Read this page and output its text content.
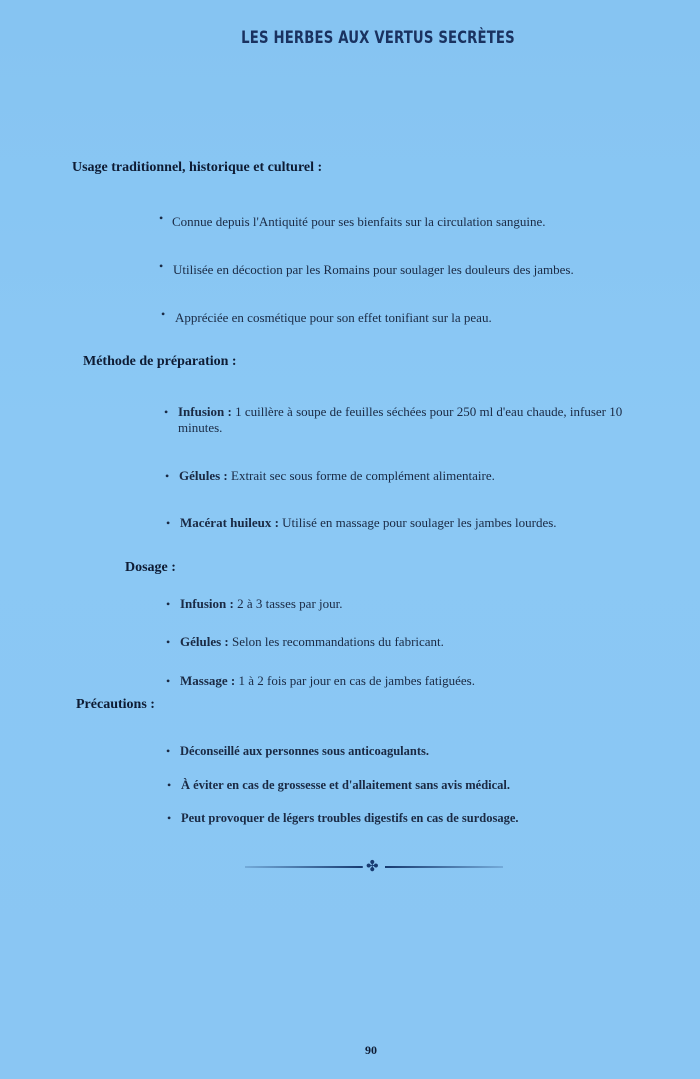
LES HERBES AUX VERTUS SECRÈTES
Usage traditionnel, historique et culturel :
• Connue depuis l'Antiquité pour ses bienfaits sur la circulation sanguine.
• Utilisée en décoction par les Romains pour soulager les douleurs des jambes.
• Appréciée en cosmétique pour son effet tonifiant sur la peau.
Méthode de préparation :
• Infusion : 1 cuillère à soupe de feuilles séchées pour 250 ml d'eau chaude, infuser 10
minutes.
• Gélules : Extrait sec sous forme de complément alimentaire.
• Macérat huileux : Utilisé en massage pour soulager les jambes lourdes.
Dosage :
• Infusion : 2 à 3 tasses par jour.
• Gélules : Selon les recommandations du fabricant.
• Massage : 1 à 2 fois par jour en cas de jambes fatiguées.
Précautions :
• Déconseillé aux personnes sous anticoagulants.
• À éviter en cas de grossesse et d'allaitement sans avis médical.
• Peut provoquer de légers troubles digestifs en cas de surdosage.
✤
90
